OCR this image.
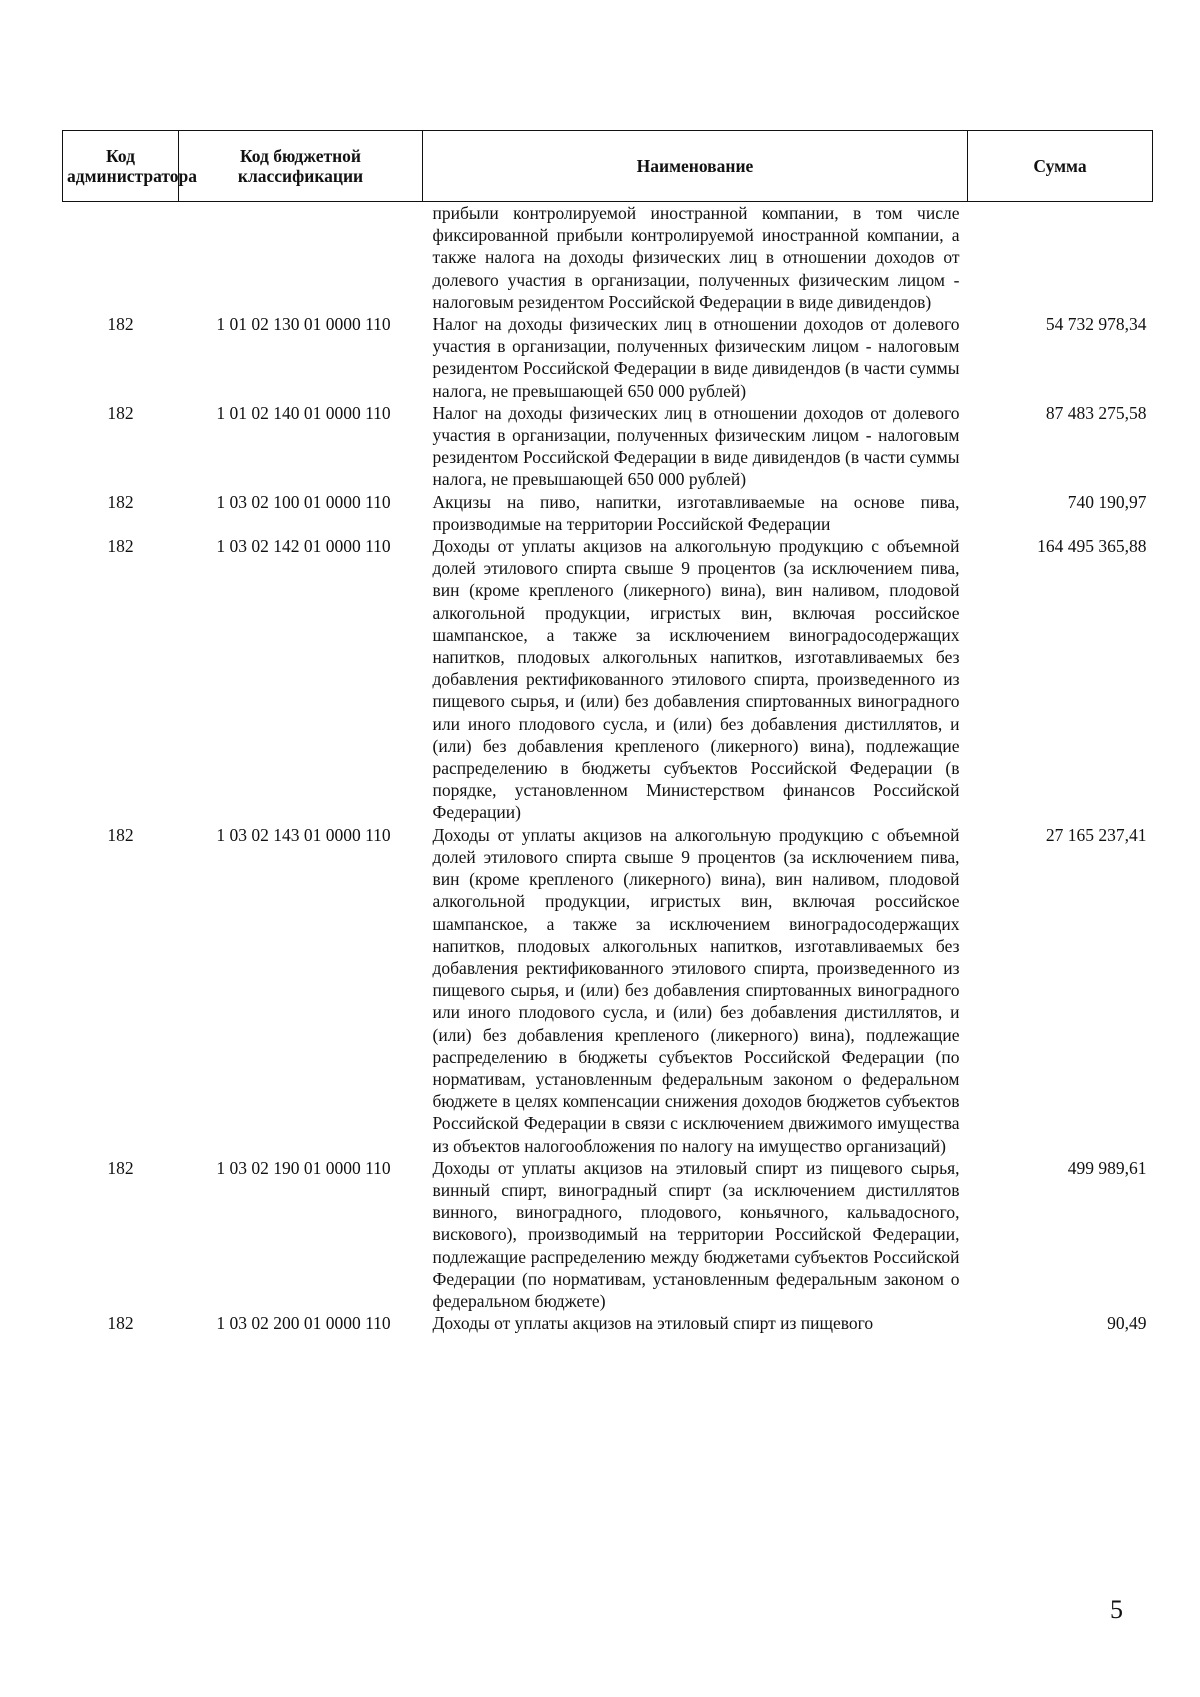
Код администратора	Код бюджетной классификации	Наименование	Сумма
		прибыли контролируемой иностранной компании, в том числе фиксированной прибыли контролируемой иностранной компании, а также налога на доходы физических лиц в отношении доходов от долевого участия в организации, полученных физическим лицом - налоговым резидентом Российской Федерации в виде дивидендов)	
182	1 01 02 130 01 0000 110	Налог на доходы физических лиц в отношении доходов от долевого участия в организации, полученных физическим лицом - налоговым резидентом Российской Федерации в виде дивидендов (в части суммы налога, не превышающей 650 000 рублей)	54 732 978,34
182	1 01 02 140 01 0000 110	Налог на доходы физических лиц в отношении доходов от долевого участия в организации, полученных физическим лицом - налоговым резидентом Российской Федерации в виде дивидендов (в части суммы налога, не превышающей 650 000 рублей)	87 483 275,58
182	1 03 02 100 01 0000 110	Акцизы на пиво, напитки, изготавливаемые на основе пива, производимые на территории Российской Федерации	740 190,97
182	1 03 02 142 01 0000 110	Доходы от уплаты акцизов на алкогольную продукцию с объемной долей этилового спирта свыше 9 процентов (за исключением пива, вин (кроме крепленого (ликерного) вина), вин наливом, плодовой алкогольной продукции, игристых вин, включая российское шампанское, а также за исключением виноградосодержащих напитков, плодовых алкогольных напитков, изготавливаемых без добавления ректификованного этилового спирта, произведенного из пищевого сырья, и (или) без добавления спиртованных виноградного или иного плодового сусла, и (или) без добавления дистиллятов, и (или) без добавления крепленого (ликерного) вина), подлежащие распределению в бюджеты субъектов Российской Федерации (в порядке, установленном Министерством финансов Российской Федерации)	164 495 365,88
182	1 03 02 143 01 0000 110	Доходы от уплаты акцизов на алкогольную продукцию с объемной долей этилового спирта свыше 9 процентов (за исключением пива, вин (кроме крепленого (ликерного) вина), вин наливом, плодовой алкогольной продукции, игристых вин, включая российское шампанское, а также за исключением виноградосодержащих напитков, плодовых алкогольных напитков, изготавливаемых без добавления ректификованного этилового спирта, произведенного из пищевого сырья, и (или) без добавления спиртованных виноградного или иного плодового сусла, и (или) без добавления дистиллятов, и (или) без добавления крепленого (ликерного) вина), подлежащие распределению в бюджеты субъектов Российской Федерации (по нормативам, установленным федеральным законом о федеральном бюджете в целях компенсации снижения доходов бюджетов субъектов Российской Федерации в связи с исключением движимого имущества из объектов налогообложения по налогу на имущество организаций)	27 165 237,41
182	1 03 02 190 01 0000 110	Доходы от уплаты акцизов на этиловый спирт из пищевого сырья, винный спирт, виноградный спирт (за исключением дистиллятов винного, виноградного, плодового, коньячного, кальвадосного, вискового), производимый на территории Российской Федерации, подлежащие распределению между бюджетами субъектов Российской Федерации (по нормативам, установленным федеральным законом о федеральном бюджете)	499 989,61
182	1 03 02 200 01 0000 110	Доходы от уплаты акцизов на этиловый спирт из пищевого	90,49
5
